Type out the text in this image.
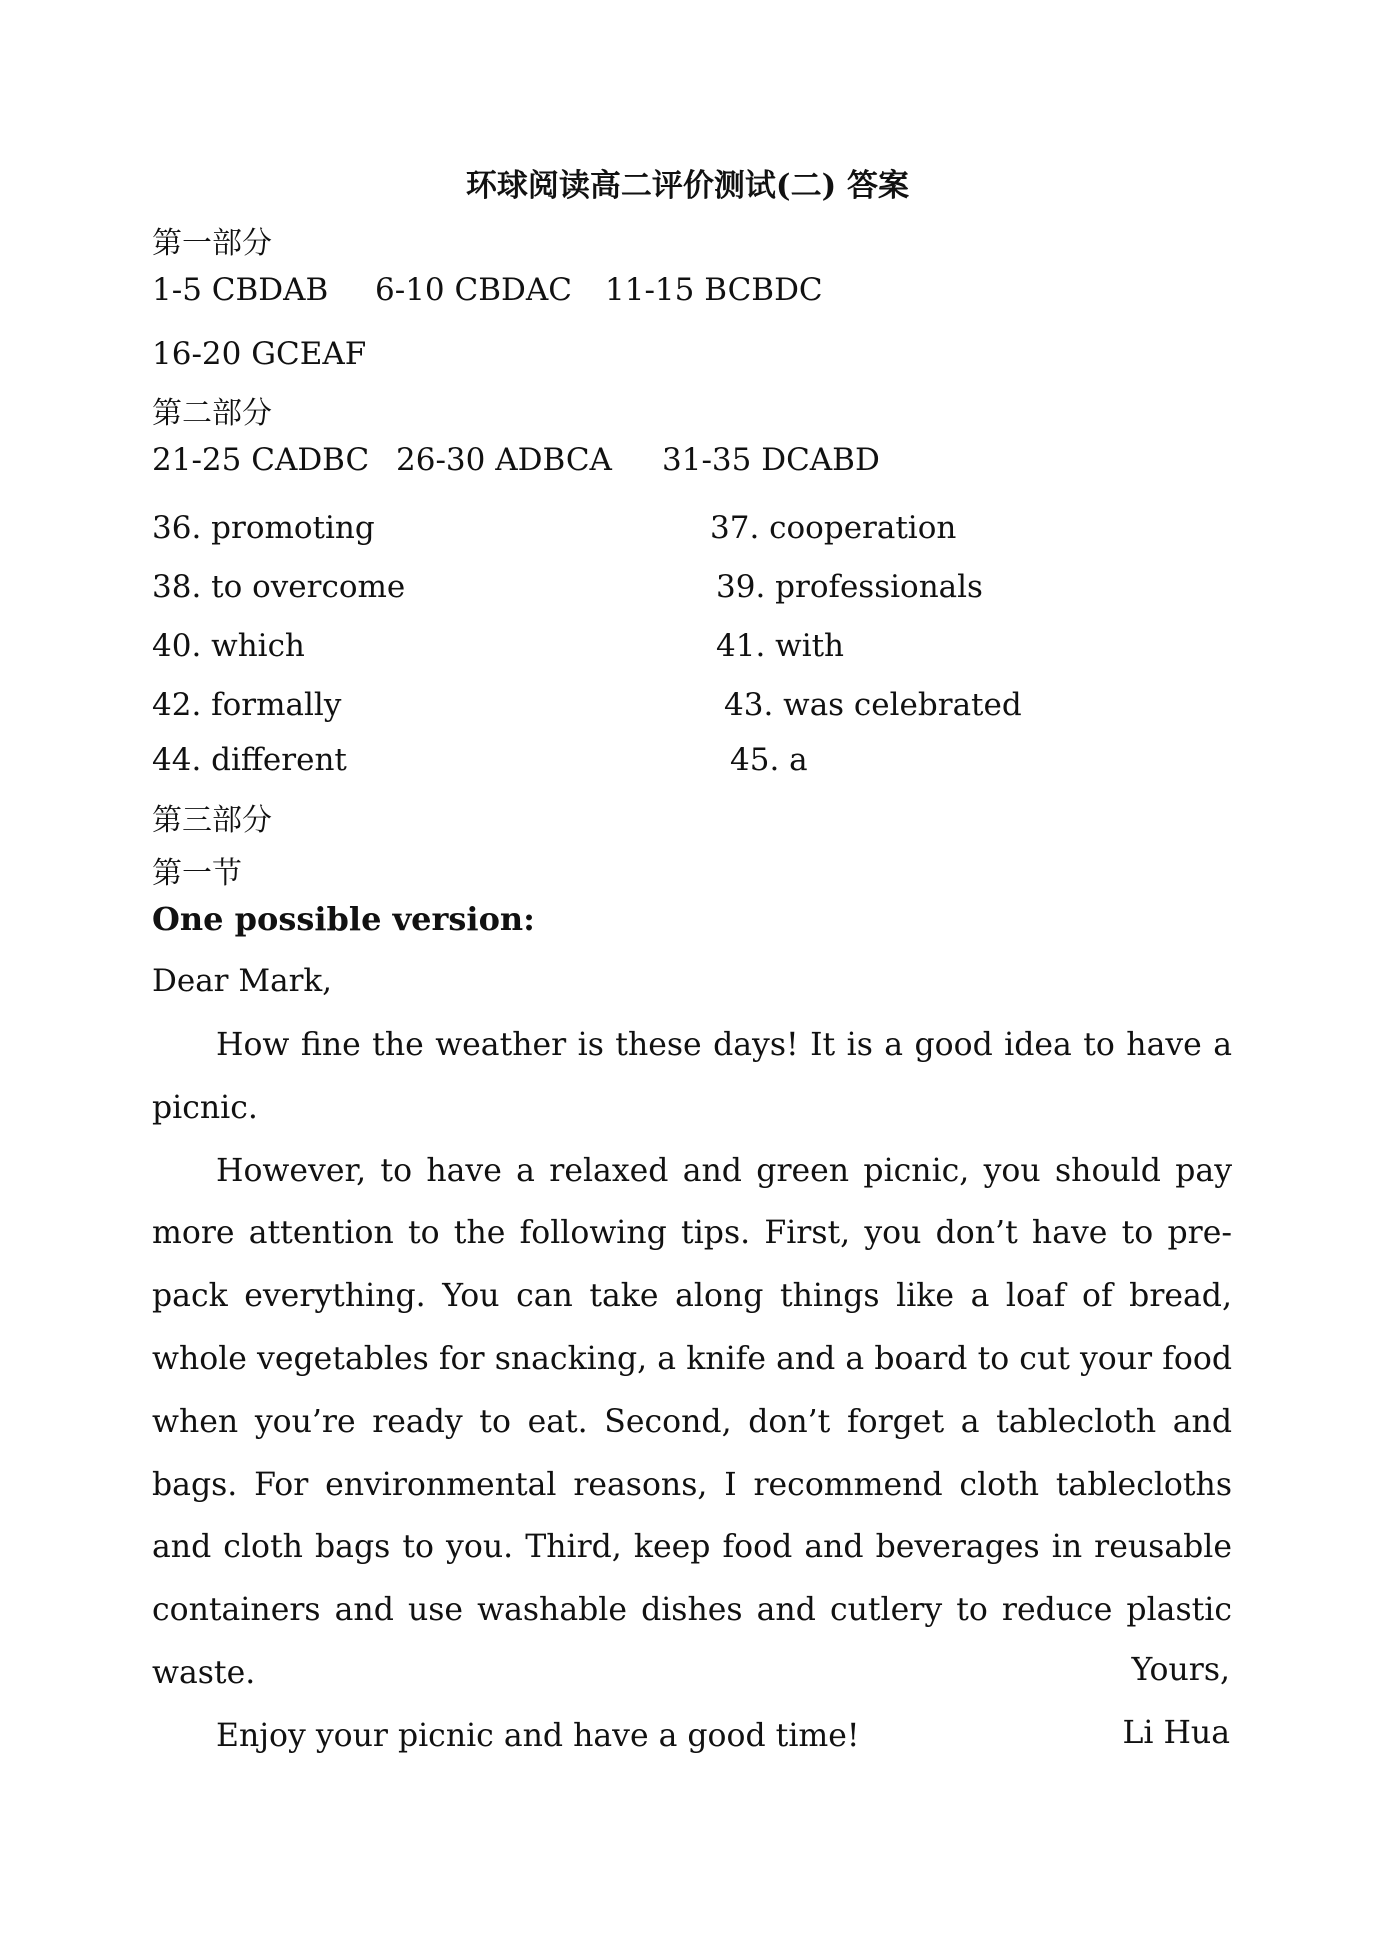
环球阅读高二评价测试(二) 答案
第一部分
1-5 CBDAB 6-10 CBDAC 11-15 BCBDC
16-20 GCEAF
第二部分
21-25 CADBC 26-30 ADBCA 31-35 DCABD
36. promoting	37. cooperation
38. to overcome	39. professionals
40. which	41. with
42. formally	43. was celebrated
44. different	45. a
第三部分
第一节
One possible version:
Dear Mark,

How fine the weather is these days! It is a good idea to have a picnic.

However, to have a relaxed and green picnic, you should pay more attention to the following tips. First, you don’t have to pre-pack everything. You can take along things like a loaf of bread, whole vegetables for snacking, a knife and a board to cut your food when you’re ready to eat. Second, don’t forget a tablecloth and bags. For environmental reasons, I recommend cloth tablecloths and cloth bags to you. Third, keep food and beverages in reusable containers and use washable dishes and cutlery to reduce plastic waste.

Enjoy your picnic and have a good time!

Yours,
Li Hua
